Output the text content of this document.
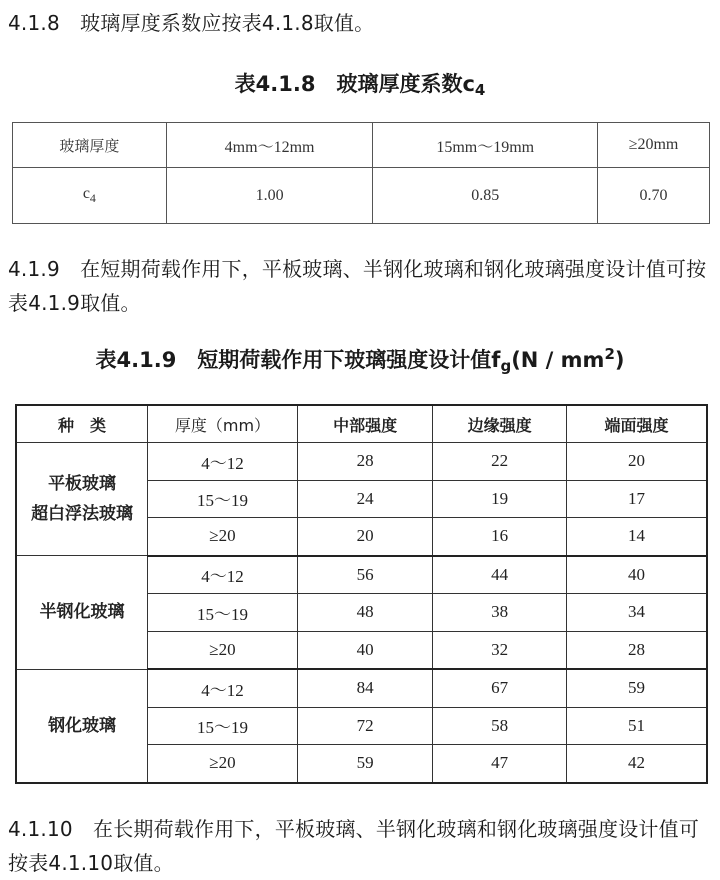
4.1.8　玻璃厚度系数应按表4.1.8取值。
表4.1.8　玻璃厚度系数$c_4$
玻璃厚度	4mm～12mm	15mm～19mm	≥20mm
$c_4$	1.00	0.85	0.70
4.1.9　在短期荷载作用下，平板玻璃、半钢化玻璃和钢化玻璃强度设计值可按表4.1.9取值。
表4.1.9　短期荷载作用下玻璃强度设计值$f_g(N / mm^2)$
种　类	厚度（mm）	中部强度	边缘强度	端面强度

平板玻璃
超白浮法玻璃	4～12	28	22	20
	15～19	24	19	17
	≥20	20	16	14

半钢化玻璃	4～12	56	44	40
	15～19	48	38	34
	≥20	40	32	28

钢化玻璃	4～12	84	67	59
	15～19	72	58	51
	≥20	59	47	42
4.1.10　在长期荷载作用下，平板玻璃、半钢化玻璃和钢化玻璃强度设计值可按表4.1.10取值。
